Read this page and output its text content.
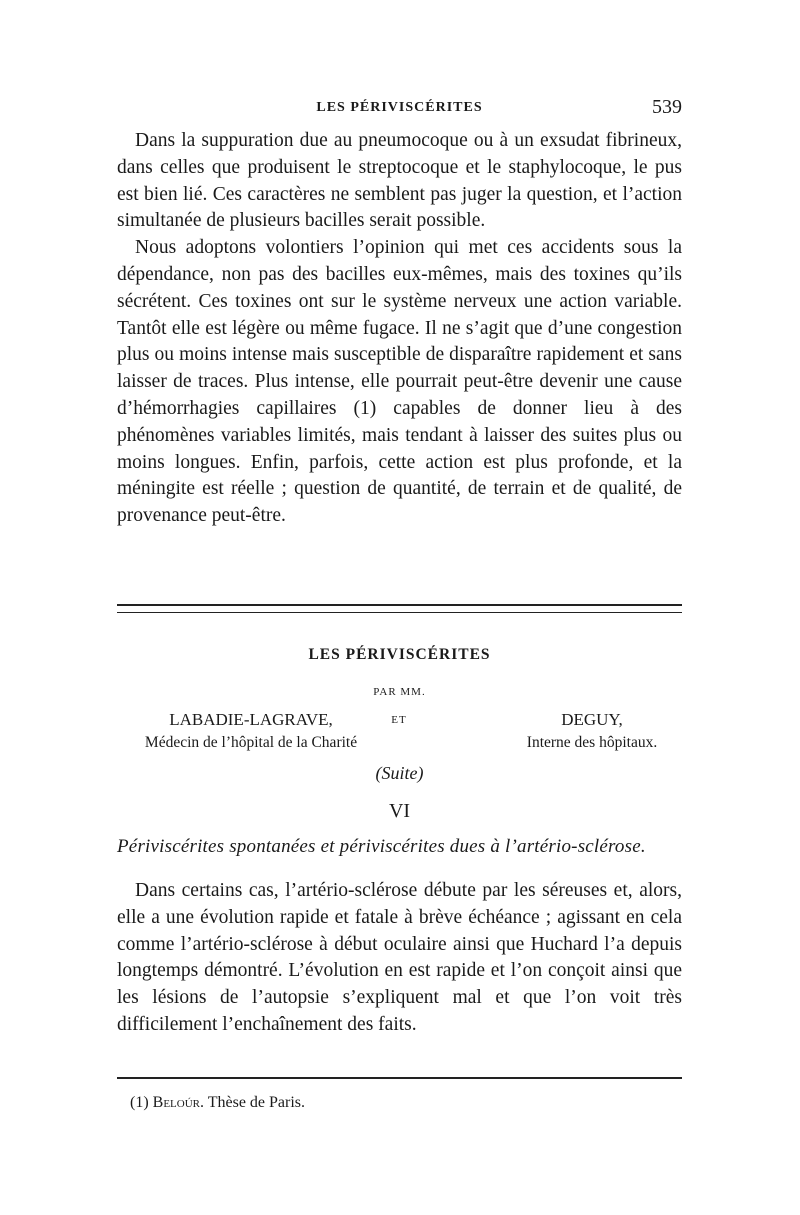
LES PÉRIVISCÉRITES	539

Dans la suppuration due au pneumocoque ou à un exsudat fibrineux, dans celles que produisent le streptocoque et le staphylocoque, le pus est bien lié. Ces caractères ne semblent pas juger la question, et l’action simultanée de plusieurs bacilles serait possible.

Nous adoptons volontiers l’opinion qui met ces accidents sous la dépendance, non pas des bacilles eux-mêmes, mais des toxines qu’ils sécrétent. Ces toxines ont sur le système nerveux une action variable. Tantôt elle est légère ou même fugace. Il ne s’agit que d’une congestion plus ou moins intense mais susceptible de disparaître rapidement et sans laisser de traces. Plus intense, elle pourrait peut-être devenir une cause d’hémorrhagies capillaires (1) capables de donner lieu à des phénomènes variables limités, mais tendant à laisser des suites plus ou moins longues. Enfin, parfois, cette action est plus profonde, et la méningite est réelle ; question de quantité, de terrain et de qualité, de provenance peut-être.

LES PÉRIVISCÉRITES
PAR MM.
LABADIE-LAGRAVE,
Médecin de l’hôpital de la Charité
ET	DEGUY,
Interne des hôpitaux.
(Suite)
VI
Périviscérites spontanées et périviscérites dues à l’artério-sclérose.

Dans certains cas, l’artério-sclérose débute par les séreuses et, alors, elle a une évolution rapide et fatale à brève échéance ; agissant en cela comme l’artério-sclérose à début oculaire ainsi que Huchard l’a depuis longtemps démontré. L’évolution en est rapide et l’on conçoit ainsi que les lésions de l’autopsie s’expliquent mal et que l’on voit très difficilement l’enchaînement des faits.

(1) Beloúr. Thèse de Paris.
